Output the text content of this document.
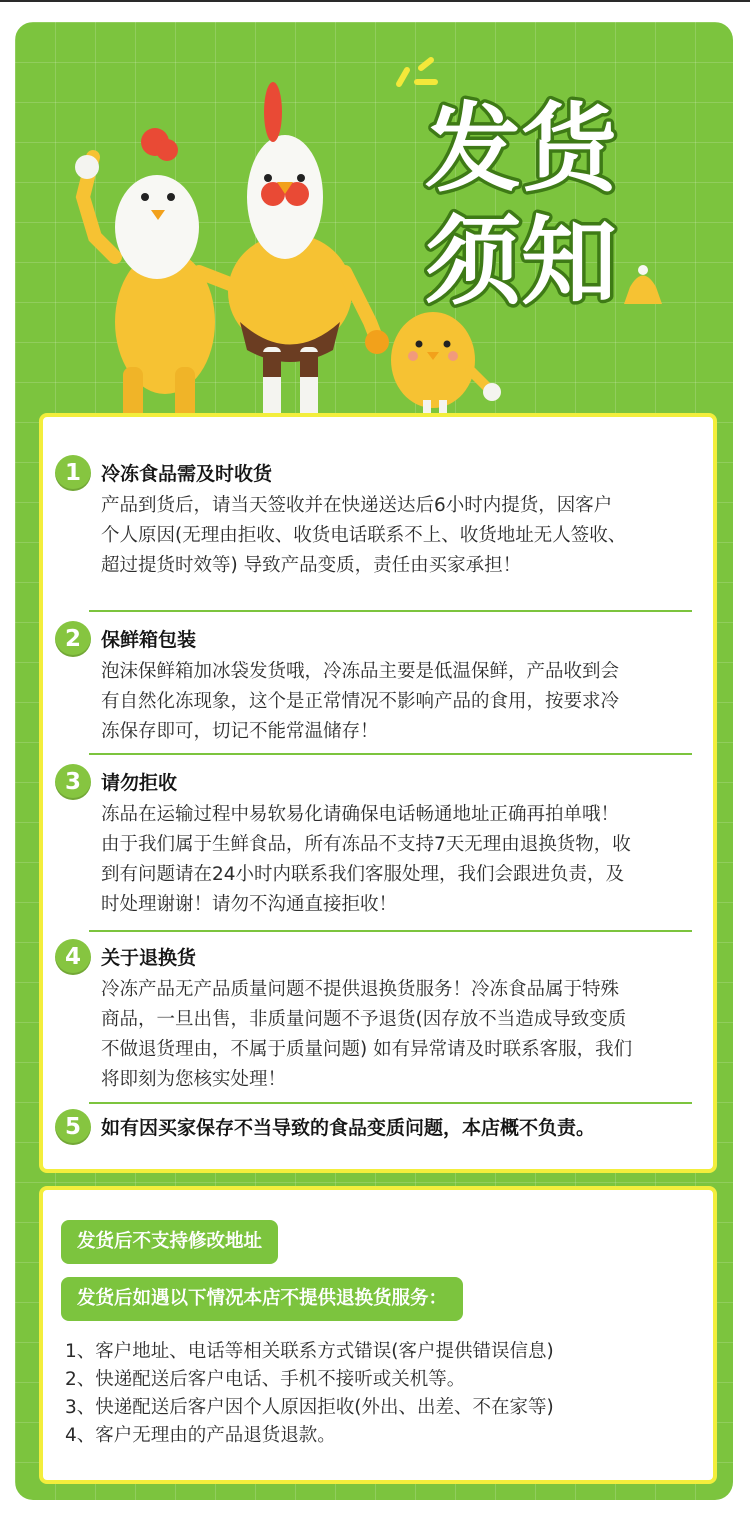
发货
须知
1	冷冻食品需及时收货

产品到货后，请当天签收并在快递送达后6小时内提货，因客户

个人原因(无理由拒收、收货电话联系不上、收货地址无人签收、

超过提货时效等) 导致产品变质，责任由买家承担！

2	保鲜箱包装

泡沫保鲜箱加冰袋发货哦，冷冻品主要是低温保鲜，产品收到会

有自然化冻现象，这个是正常情况不影响产品的食用，按要求冷

冻保存即可，切记不能常温储存！

3	请勿拒收

冻品在运输过程中易软易化请确保电话畅通地址正确再拍单哦！

由于我们属于生鲜食品，所有冻品不支持7天无理由退换货物，收

到有问题请在24小时内联系我们客服处理，我们会跟进负责，及

时处理谢谢！请勿不沟通直接拒收！

4	关于退换货

冷冻产品无产品质量问题不提供退换货服务！冷冻食品属于特殊

商品，一旦出售，非质量问题不予退货(因存放不当造成导致变质

不做退货理由，不属于质量问题) 如有异常请及时联系客服，我们

将即刻为您核实处理！

5	如有因买家保存不当导致的食品变质问题，本店概不负责。
发货后不支持修改地址
发货后如遇以下情况本店不提供退换货服务：
1、客户地址、电话等相关联系方式错误(客户提供错误信息)
2、快递配送后客户电话、手机不接听或关机等。
3、快递配送后客户因个人原因拒收(外出、出差、不在家等)
4、客户无理由的产品退货退款。
